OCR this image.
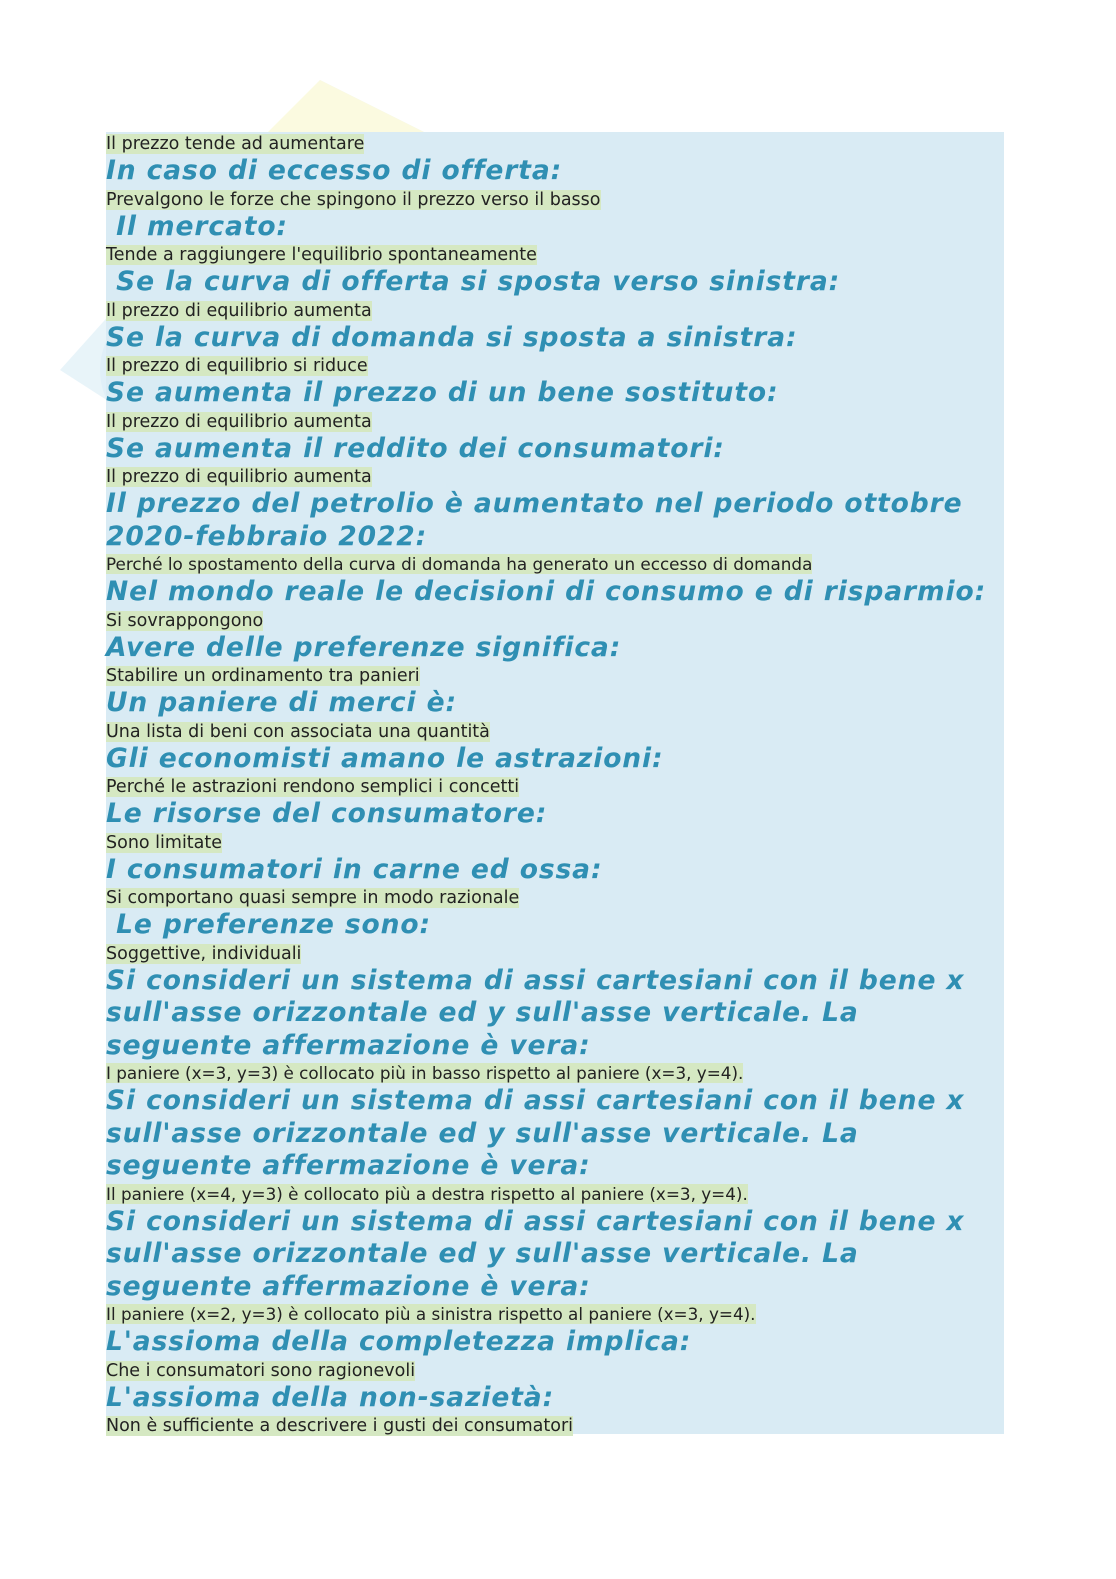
Il prezzo tende ad aumentare
In caso di eccesso di offerta:
Prevalgono le forze che spingono il prezzo verso il basso
Il mercato:
Tende a raggiungere l'equilibrio spontaneamente
Se la curva di offerta si sposta verso sinistra:
Il prezzo di equilibrio aumenta
Se la curva di domanda si sposta a sinistra:
Il prezzo di equilibrio si riduce
Se aumenta il prezzo di un bene sostituto:
Il prezzo di equilibrio aumenta
Se aumenta il reddito dei consumatori:
Il prezzo di equilibrio aumenta
Il prezzo del petrolio è aumentato nel periodo ottobre 2020-febbraio 2022:
Perché lo spostamento della curva di domanda ha generato un eccesso di domanda
Nel mondo reale le decisioni di consumo e di risparmio:
Si sovrappongono
Avere delle preferenze significa:
Stabilire un ordinamento tra panieri
Un paniere di merci è:
Una lista di beni con associata una quantità
Gli economisti amano le astrazioni:
Perché le astrazioni rendono semplici i concetti
Le risorse del consumatore:
Sono limitate
I consumatori in carne ed ossa:
Si comportano quasi sempre in modo razionale
Le preferenze sono:
Soggettive, individuali
Si consideri un sistema di assi cartesiani con il bene x sull'asse orizzontale ed y sull'asse verticale. La seguente affermazione è vera:
I paniere (x=3, y=3) è collocato più in basso rispetto al paniere (x=3, y=4).
Si consideri un sistema di assi cartesiani con il bene x sull'asse orizzontale ed y sull'asse verticale. La seguente affermazione è vera:
Il paniere (x=4, y=3) è collocato più a destra rispetto al paniere (x=3, y=4).
Si consideri un sistema di assi cartesiani con il bene x sull'asse orizzontale ed y sull'asse verticale. La seguente affermazione è vera:
Il paniere (x=2, y=3) è collocato più a sinistra rispetto al paniere (x=3, y=4).
L'assioma della completezza implica:
Che i consumatori sono ragionevoli
L'assioma della non-sazietà:
Non è sufficiente a descrivere i gusti dei consumatori
